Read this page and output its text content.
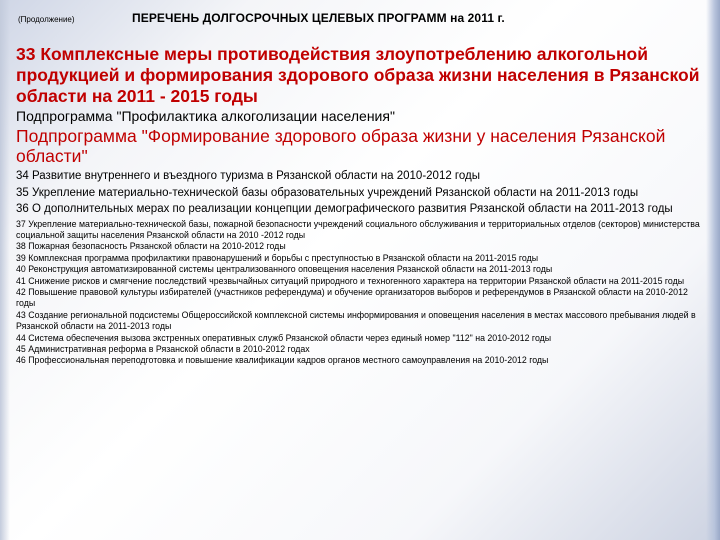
(Продолжение)	ПЕРЕЧЕНЬ ДОЛГОСРОЧНЫХ ЦЕЛЕВЫХ ПРОГРАММ на 2011 г.
33 Комплексные меры противодействия злоупотреблению алкогольной продукцией и формирования здорового образа жизни населения в Рязанской области на 2011 - 2015 годы
Подпрограмма "Профилактика алкоголизации населения"
Подпрограмма "Формирование здорового образа жизни у населения Рязанской области"
34 Развитие внутреннего и въездного туризма в Рязанской области на 2010-2012 годы
35 Укрепление материально-технической базы образовательных учреждений Рязанской области на 2011-2013 годы
36 О дополнительных мерах по реализации концепции демографического развития Рязанской области на 2011-2013 годы
37 Укрепление материально-технической базы, пожарной безопасности учреждений социального обслуживания и территориальных отделов (секторов) министерства социальной защиты населения Рязанской области на 2010 -2012 годы
38 Пожарная безопасность Рязанской области на 2010-2012 годы
39 Комплексная программа профилактики правонарушений и борьбы с преступностью в Рязанской области на 2011-2015 годы
40 Реконструкция автоматизированной системы централизованного оповещения населения Рязанской области на 2011-2013 годы
41 Снижение рисков и смягчение последствий чрезвычайных ситуаций природного и техногенного характера на территории Рязанской области на 2011-2015 годы
42 Повышение правовой культуры избирателей (участников референдума) и обучение организаторов выборов и референдумов в Рязанской области на 2010-2012 годы
43 Создание региональной подсистемы Общероссийской комплексной системы информирования и оповещения населения в местах массового пребывания людей в Рязанской области на 2011-2013 годы
44 Система обеспечения вызова экстренных оперативных служб Рязанской области через единый номер "112" на 2010-2012 годы
45 Административная реформа в Рязанской области в 2010-2012 годах
46 Профессиональная переподготовка и повышение квалификации кадров органов местного самоуправления на 2010-2012 годы
